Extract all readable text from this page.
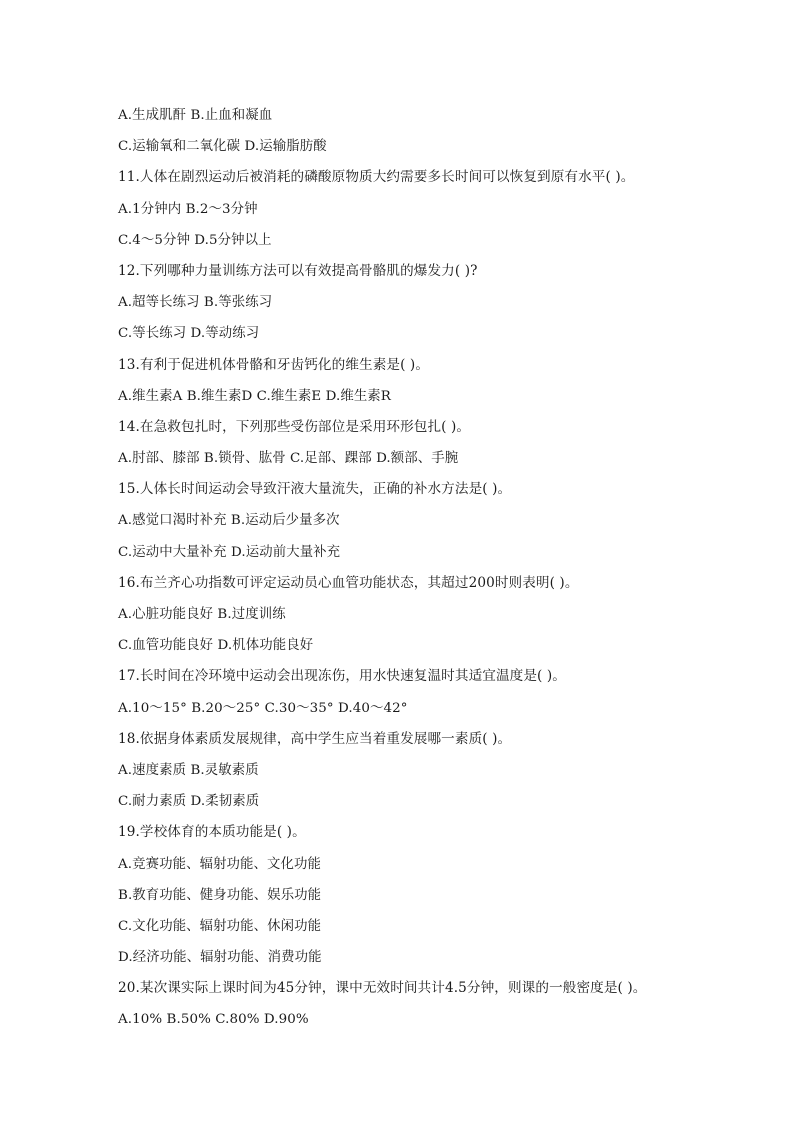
A.生成肌酐 B.止血和凝血
C.运输氧和二氧化碳 D.运输脂肪酸
11.人体在剧烈运动后被消耗的磷酸原物质大约需要多长时间可以恢复到原有水平( )。
A.1分钟内 B.2～3分钟
C.4～5分钟 D.5分钟以上
12.下列哪种力量训练方法可以有效提高骨骼肌的爆发力( )?
A.超等长练习 B.等张练习
C.等长练习 D.等动练习
13.有利于促进机体骨骼和牙齿钙化的维生素是( )。
A.维生素A B.维生素D C.维生素E D.维生素R
14.在急救包扎时，下列那些受伤部位是采用环形包扎( )。
A.肘部、膝部 B.锁骨、肱骨 C.足部、踝部 D.额部、手腕
15.人体长时间运动会导致汗液大量流失，正确的补水方法是( )。
A.感觉口渴时补充 B.运动后少量多次
C.运动中大量补充 D.运动前大量补充
16.布兰齐心功指数可评定运动员心血管功能状态，其超过200时则表明( )。
A.心脏功能良好 B.过度训练
C.血管功能良好 D.机体功能良好
17.长时间在冷环境中运动会出现冻伤，用水快速复温时其适宜温度是( )。
A.10～15° B.20～25° C.30～35° D.40～42°
18.依据身体素质发展规律，高中学生应当着重发展哪一素质( )。
A.速度素质 B.灵敏素质
C.耐力素质 D.柔韧素质
19.学校体育的本质功能是( )。
A.竞赛功能、辐射功能、文化功能
B.教育功能、健身功能、娱乐功能
C.文化功能、辐射功能、休闲功能
D.经济功能、辐射功能、消费功能
20.某次课实际上课时间为45分钟，课中无效时间共计4.5分钟，则课的一般密度是( )。
A.10% B.50% C.80% D.90%
